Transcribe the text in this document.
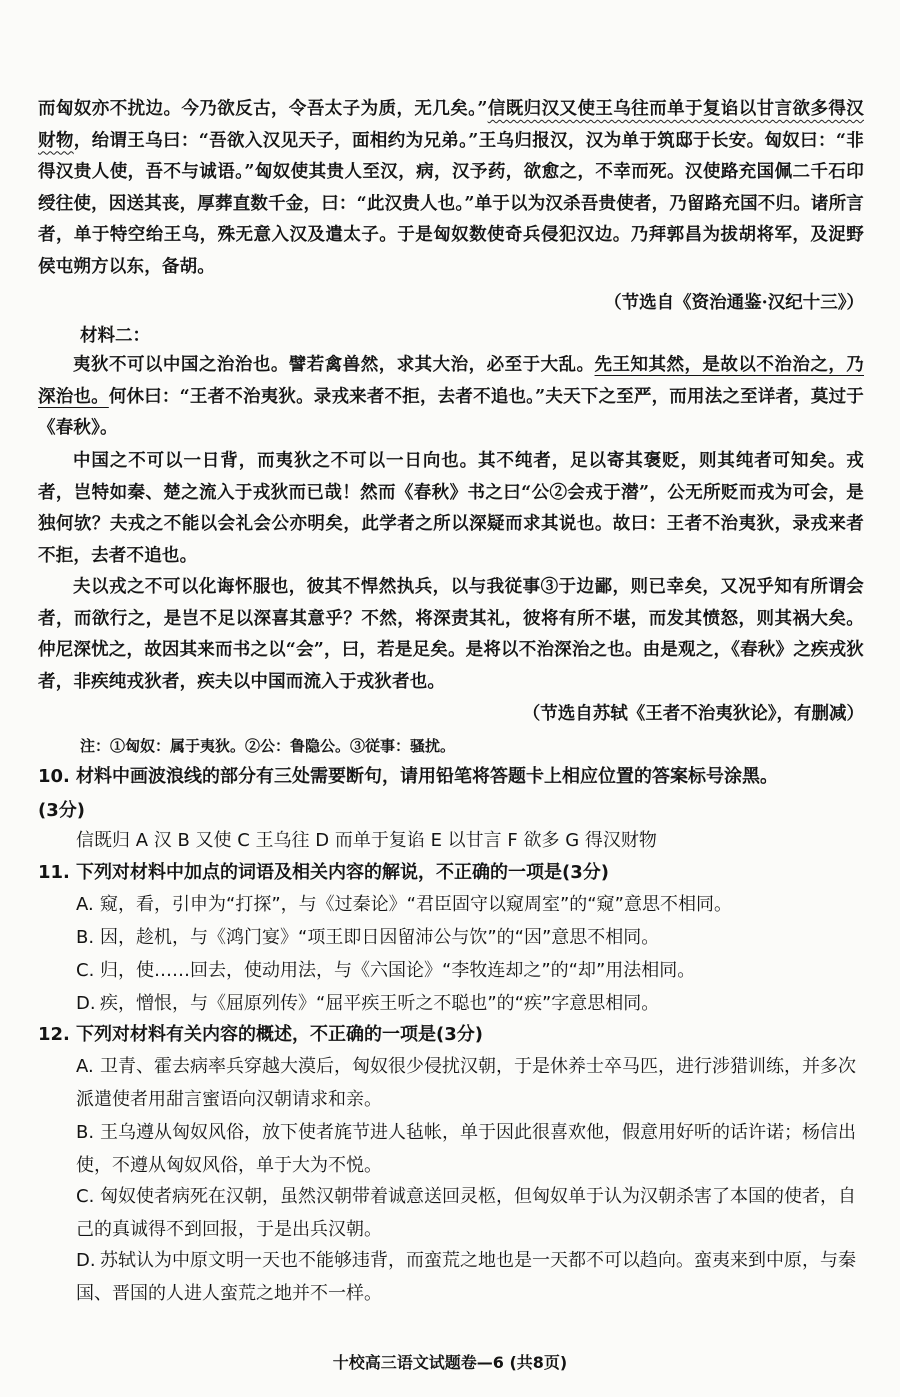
而匈奴亦不扰边。今乃欲反古，令吾太子为质，无几矣。”信既归汉又使王乌往而单于复谄以甘言欲多得汉财物，绐谓王乌曰：“吾欲入汉见天子，面相约为兄弟。”王乌归报汉，汉为单于筑邸于长安。匈奴曰：“非得汉贵人使，吾不与诚语。”匈奴使其贵人至汉，病，汉予药，欲愈之，不幸而死。汉使路充国佩二千石印绶往使，因送其丧，厚葬直数千金，曰：“此汉贵人也。”单于以为汉杀吾贵使者，乃留路充国不归。诸所言者，单于特空绐王乌，殊无意入汉及遣太子。于是匈奴数使奇兵侵犯汉边。乃拜郭昌为拔胡将军，及浞野侯屯朔方以东，备胡。
（节选自《资治通鉴·汉纪十三》）
材料二：
夷狄不可以中国之治治也。譬若禽兽然，求其大治，必至于大乱。先王知其然，是故以不治治之，乃深治也。何休曰：“王者不治夷狄。录戎来者不拒，去者不追也。”夫天下之至严，而用法之至详者，莫过于《春秋》。
中国之不可以一日背，而夷狄之不可以一日向也。其不纯者，足以寄其褒贬，则其纯者可知矣。戎者，岂特如秦、楚之流入于戎狄而已哉！然而《春秋》书之曰“公②会戎于潜”，公无所贬而戎为可会，是独何欤？夫戎之不能以会礼会公亦明矣，此学者之所以深疑而求其说也。故曰：王者不治夷狄，录戎来者不拒，去者不追也。
夫以戎之不可以化诲怀服也，彼其不悍然执兵，以与我従事③于边鄙，则已幸矣，又况乎知有所谓会者，而欲行之，是岂不足以深喜其意乎？不然，将深责其礼，彼将有所不堪，而发其愤怒，则其祸大矣。仲尼深忧之，故因其来而书之以“会”，曰，若是足矣。是将以不治深治之也。由是观之，《春秋》之疾戎狄者，非疾纯戎狄者，疾夫以中国而流入于戎狄者也。
（节选自苏轼《王者不治夷狄论》，有删减）
注：①匈奴：属于夷狄。②公：鲁隐公。③従事：骚扰。
10. 材料中画波浪线的部分有三处需要断句，请用铅笔将答题卡上相应位置的答案标号涂黑。
(3分)
信既归 A 汉 B 又使 C 王乌往 D 而单于复谄 E 以甘言 F 欲多 G 得汉财物
11. 下列对材料中加点的词语及相关内容的解说，不正确的一项是(3分)
A. 窥，看，引申为“打探”，与《过秦论》“君臣固守以窥周室”的“窥”意思不相同。
B. 因，趁机，与《鸿门宴》“项王即日因留沛公与饮”的“因”意思不相同。
C. 归，使……回去，使动用法，与《六国论》“李牧连却之”的“却”用法相同。
D. 疾，憎恨，与《屈原列传》“屈平疾王听之不聪也”的“疾”字意思相同。
12. 下列对材料有关内容的概述，不正确的一项是(3分)
A. 卫青、霍去病率兵穿越大漠后，匈奴很少侵扰汉朝，于是休养士卒马匹，进行涉猎训练，并多次派遣使者用甜言蜜语向汉朝请求和亲。
B. 王乌遵从匈奴风俗，放下使者旄节进人毡帐，单于因此很喜欢他，假意用好听的话许诺；杨信出使，不遵从匈奴风俗，单于大为不悦。
C. 匈奴使者病死在汉朝，虽然汉朝带着诚意送回灵柩，但匈奴单于认为汉朝杀害了本国的使者，自己的真诚得不到回报，于是出兵汉朝。
D. 苏轼认为中原文明一天也不能够违背，而蛮荒之地也是一天都不可以趋向。蛮夷来到中原，与秦国、晋国的人进人蛮荒之地并不一样。
十校高三语文试题卷—6 (共8页)
